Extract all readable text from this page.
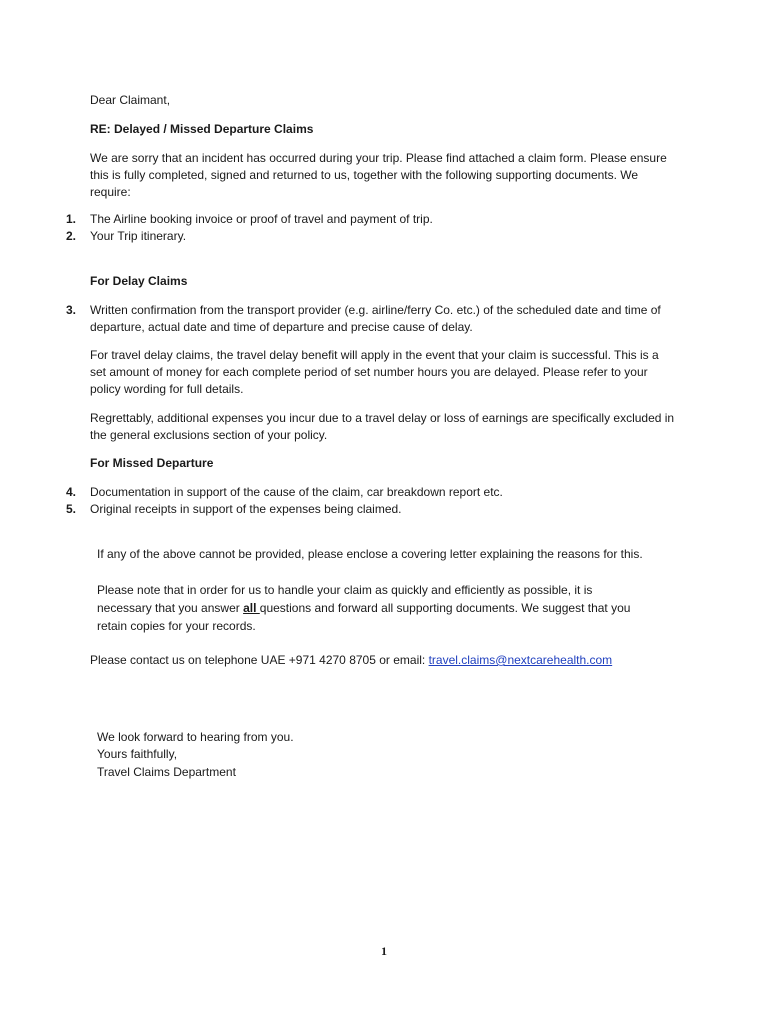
Dear Claimant,

RE: Delayed / Missed Departure Claims

We are sorry that an incident has occurred during your trip. Please find attached a claim form. Please ensure this is fully completed, signed and returned to us, together with the following supporting documents. We require:

1. The Airline booking invoice or proof of travel and payment of trip.
2. Your Trip itinerary.

For Delay Claims

3. Written confirmation from the transport provider (e.g. airline/ferry Co. etc.) of the scheduled date and time of departure, actual date and time of departure and precise cause of delay.

For travel delay claims, the travel delay benefit will apply in the event that your claim is successful. This is a set amount of money for each complete period of set number hours you are delayed. Please refer to your policy wording for full details.

Regrettably, additional expenses you incur due to a travel delay or loss of earnings are specifically excluded in the general exclusions section of your policy.

For Missed Departure

4. Documentation in support of the cause of the claim, car breakdown report etc.
5. Original receipts in support of the expenses being claimed.

If any of the above cannot be provided, please enclose a covering letter explaining the reasons for this.

Please note that in order for us to handle your claim as quickly and efficiently as possible, it is necessary that you answer all questions and forward all supporting documents. We suggest that you retain copies for your records.

Please contact us on telephone UAE +971 4270 8705 or email: travel.claims@nextcarehealth.com

We look forward to hearing from you.

Yours faithfully,

Travel Claims Department

1
